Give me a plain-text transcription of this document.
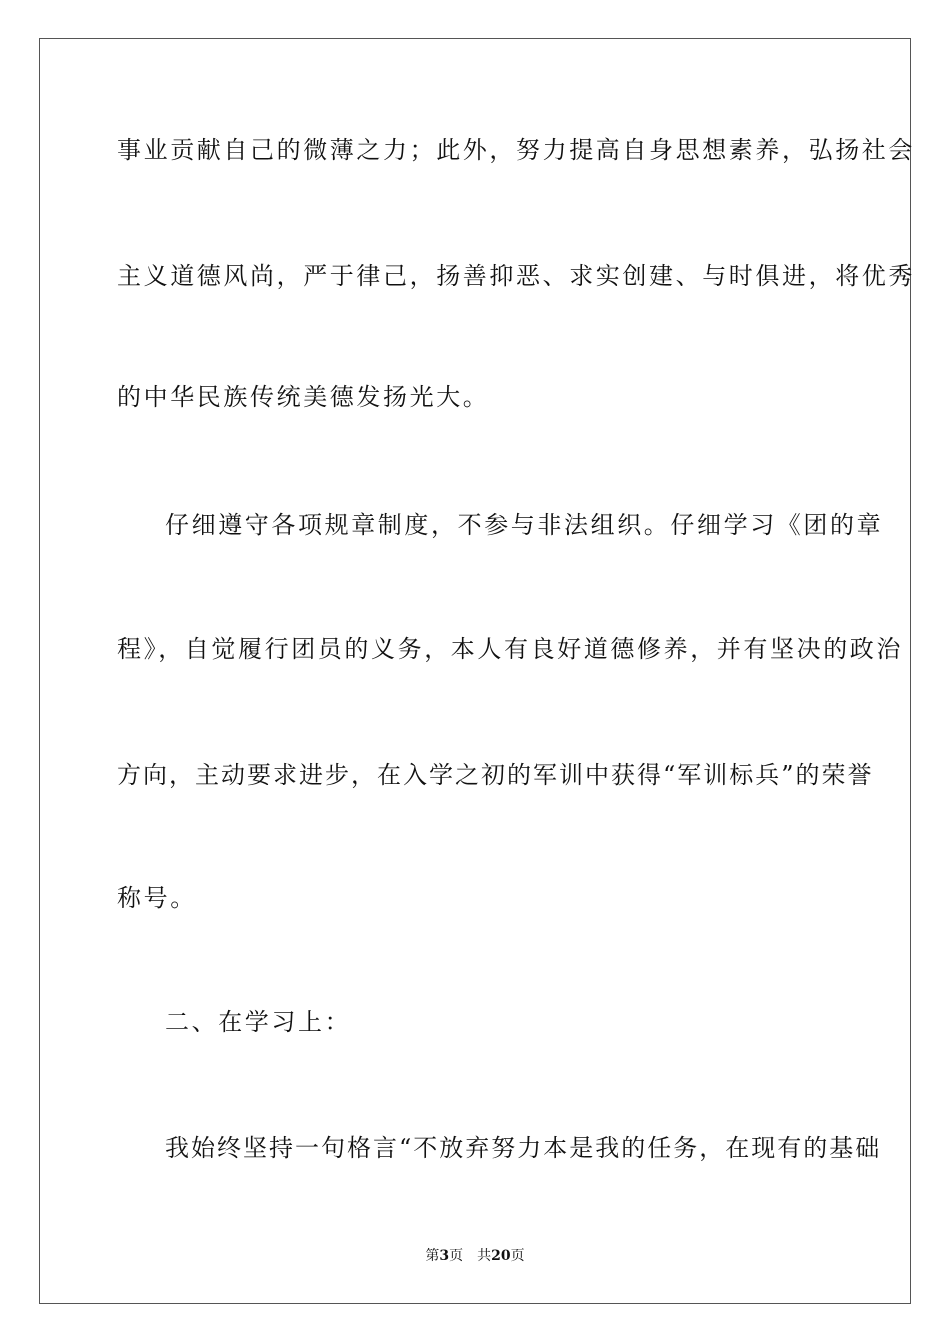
事业贡献自己的微薄之力；此外，努力提高自身思想素养，弘扬社会
主义道德风尚，严于律己，扬善抑恶、求实创建、与时俱进，将优秀
的中华民族传统美德发扬光大。
仔细遵守各项规章制度，不参与非法组织。仔细学习《团的章
程》，自觉履行团员的义务，本人有良好道德修养，并有坚决的政治
方向，主动要求进步，在入学之初的军训中获得“军训标兵”的荣誉
称号。
二、在学习上：
我始终坚持一句格言“不放弃努力本是我的任务，在现有的基础
第3页 共20页
